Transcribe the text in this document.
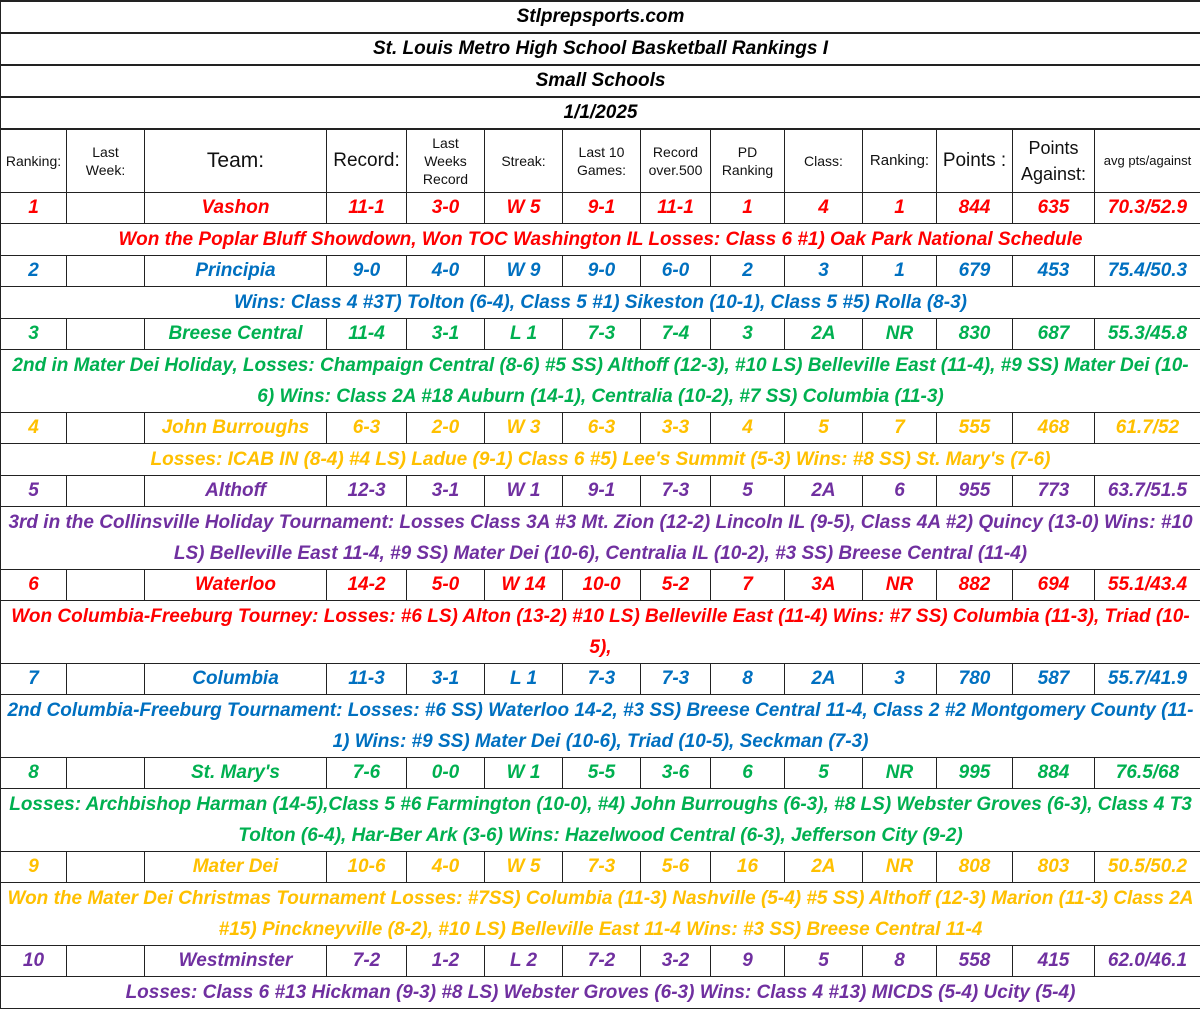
Stlprepsports.com													
St. Louis Metro High School Basketball Rankings I													
Small Schools													
1/1/2025													
Ranking:	Last Week:	Team:	Record:	Last Weeks Record	Streak:	Last 10 Games:	Record over.500	PD Ranking	Class:	Ranking:	Points :	Points Against:	avg pts/against
1		Vashon	11-1	3-0	W 5	9-1	11-1	1	4	1	844	635	70.3/52.9
Won the Poplar Bluff Showdown, Won TOC Washington IL Losses: Class 6 #1) Oak Park National Schedule													
2		Principia	9-0	4-0	W 9	9-0	6-0	2	3	1	679	453	75.4/50.3
Wins: Class 4 #3T) Tolton (6-4), Class 5 #1) Sikeston (10-1), Class 5 #5) Rolla (8-3)													
3		Breese Central	11-4	3-1	L 1	7-3	7-4	3	2A	NR	830	687	55.3/45.8
2nd in Mater Dei Holiday, Losses: Champaign Central (8-6) #5 SS) Althoff (12-3), #10 LS) Belleville East (11-4), #9 SS) Mater Dei (10-6) Wins: Class 2A #18 Auburn (14-1), Centralia (10-2), #7 SS) Columbia (11-3)													
4		John Burroughs	6-3	2-0	W 3	6-3	3-3	4	5	7	555	468	61.7/52
Losses: ICAB IN (8-4) #4 LS) Ladue (9-1) Class 6 #5) Lee's Summit (5-3) Wins: #8 SS) St. Mary's (7-6)													
5		Althoff	12-3	3-1	W 1	9-1	7-3	5	2A	6	955	773	63.7/51.5
3rd in the Collinsville Holiday Tournament: Losses Class 3A #3 Mt. Zion (12-2) Lincoln IL (9-5), Class 4A #2) Quincy (13-0) Wins: #10 LS) Belleville East 11-4, #9 SS) Mater Dei (10-6), Centralia IL (10-2), #3 SS) Breese Central (11-4)													
6		Waterloo	14-2	5-0	W 14	10-0	5-2	7	3A	NR	882	694	55.1/43.4
Won Columbia-Freeburg Tourney: Losses: #6 LS) Alton (13-2) #10 LS) Belleville East (11-4) Wins: #7 SS) Columbia (11-3), Triad (10-5),													
7		Columbia	11-3	3-1	L 1	7-3	7-3	8	2A	3	780	587	55.7/41.9
2nd Columbia-Freeburg Tournament: Losses: #6 SS) Waterloo 14-2, #3 SS) Breese Central 11-4, Class 2 #2 Montgomery County (11-1) Wins: #9 SS) Mater Dei (10-6), Triad (10-5), Seckman (7-3)													
8		St. Mary's	7-6	0-0	W 1	5-5	3-6	6	5	NR	995	884	76.5/68
Losses: Archbishop Harman (14-5),Class 5 #6 Farmington (10-0), #4) John Burroughs (6-3), #8 LS) Webster Groves (6-3), Class 4 T3 Tolton (6-4), Har-Ber Ark (3-6) Wins: Hazelwood Central (6-3), Jefferson City (9-2)													
9		Mater Dei	10-6	4-0	W 5	7-3	5-6	16	2A	NR	808	803	50.5/50.2
Won the Mater Dei Christmas Tournament Losses: #7SS) Columbia (11-3) Nashville (5-4) #5 SS) Althoff (12-3) Marion (11-3) Class 2A #15) Pinckneyville (8-2), #10 LS) Belleville East 11-4 Wins: #3 SS) Breese Central 11-4													
10		Westminster	7-2	1-2	L 2	7-2	3-2	9	5	8	558	415	62.0/46.1
Losses: Class 6 #13 Hickman (9-3) #8 LS) Webster Groves (6-3) Wins: Class 4 #13) MICDS (5-4) Ucity (5-4)													
